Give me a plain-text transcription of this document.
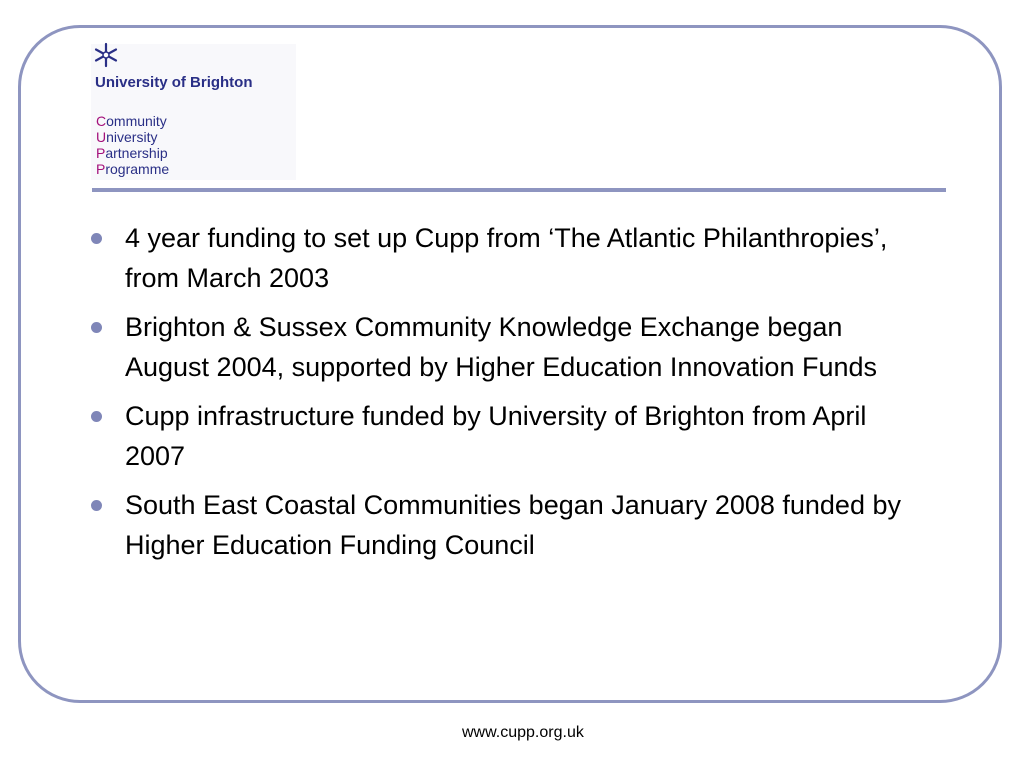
University of Brighton
Community
University
Partnership
Programme
4 year funding to set up Cupp from ‘The Atlantic Philanthropies’, from March 2003
Brighton & Sussex Community Knowledge Exchange began August 2004, supported by Higher Education Innovation Funds
Cupp infrastructure funded by University of Brighton from April 2007
South East Coastal Communities began January 2008 funded by Higher Education Funding Council
www.cupp.org.uk
